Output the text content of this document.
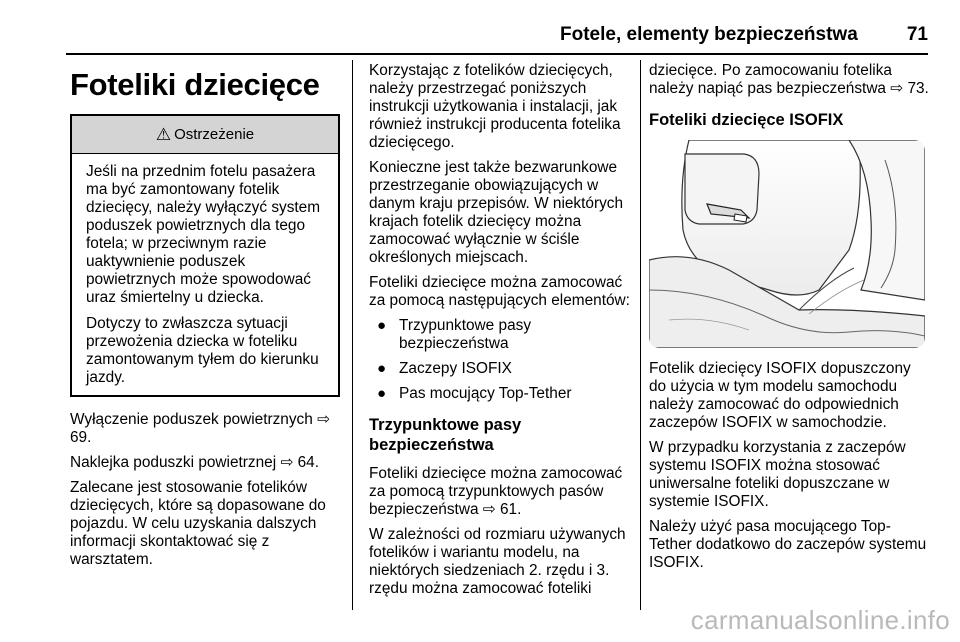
Fotele, elementy bezpieczeństwa	71
Foteliki dziecięce
⚠ Ostrzeżenie

Jeśli na przednim fotelu pasażera ma być zamontowany fotelik dziecięcy, należy wyłączyć system poduszek powietrznych dla tego fotela; w przeciwnym razie uaktywnienie poduszek powietrznych może spowodować uraz śmiertelny u dziecka.

Dotyczy to zwłaszcza sytuacji przewożenia dziecka w foteliku zamontowanym tyłem do kierunku jazdy.

Wyłączenie poduszek powietrznych ⇨ 69.

Naklejka poduszki powietrznej ⇨ 64.

Zalecane jest stosowanie fotelików dziecięcych, które są dopasowane do pojazdu. W celu uzyskania dalszych informacji skontaktować się z warsztatem.

Korzystając z fotelików dziecięcych, należy przestrzegać poniższych instrukcji użytkowania i instalacji, jak również instrukcji producenta fotelika dziecięcego.

Konieczne jest także bezwarunkowe przestrzeganie obowiązujących w danym kraju przepisów. W niektórych krajach fotelik dziecięcy można zamocować wyłącznie w ściśle określonych miejscach.

Foteliki dziecięce można zamocować za pomocą następujących elementów:

● Trzypunktowe pasy bezpieczeństwa
● Zaczepy ISOFIX
● Pas mocujący Top-Tether
Trzypunktowe pasy bezpieczeństwa

Foteliki dziecięce można zamocować za pomocą trzypunktowych pasów bezpieczeństwa ⇨ 61.

W zależności od rozmiaru używanych fotelików i wariantu modelu, na niektórych siedzeniach 2. rzędu i 3. rzędu można zamocować foteliki

dziecięce. Po zamocowaniu fotelika należy napiąć pas bezpieczeństwa ⇨ 73.

Foteliki dziecięce ISOFIX

Fotelik dziecięcy ISOFIX dopuszczony do użycia w tym modelu samochodu należy zamocować do odpowiednich zaczepów ISOFIX w samochodzie.

W przypadku korzystania z zaczepów systemu ISOFIX można stosować uniwersalne foteliki dopuszczane w systemie ISOFIX.

Należy użyć pasa mocującego Top-Tether dodatkowo do zaczepów systemu ISOFIX.

carmanualsonline.info
